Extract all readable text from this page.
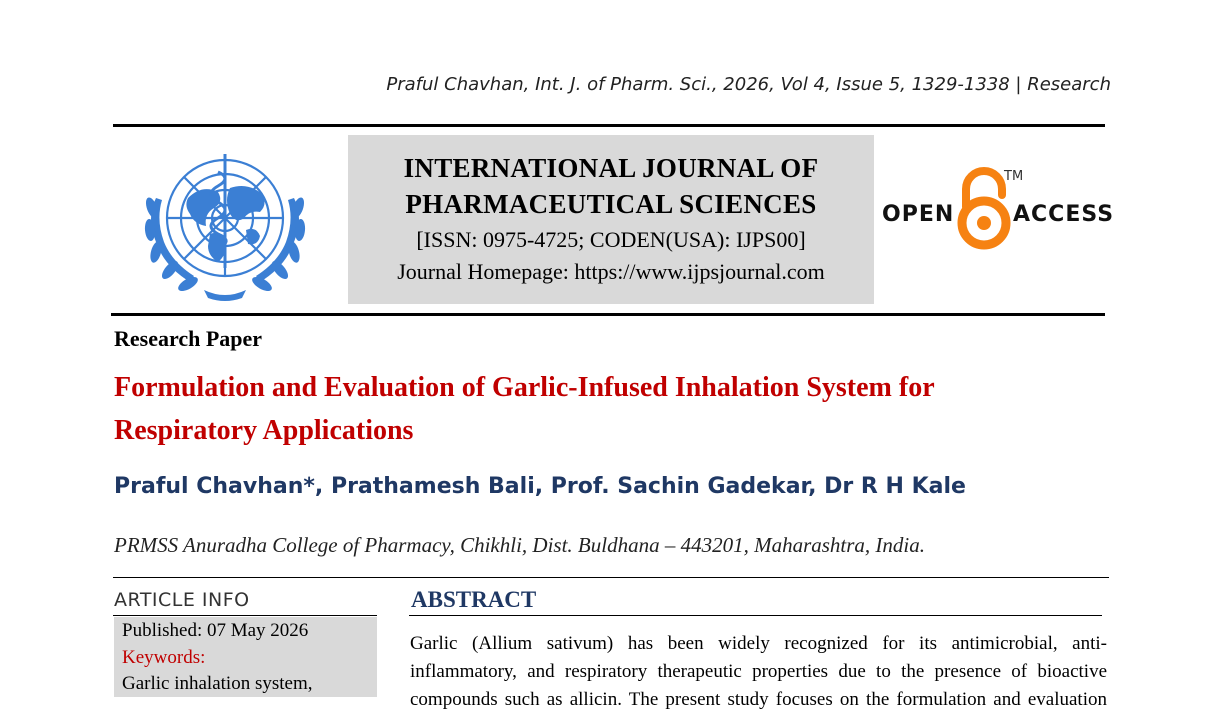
Praful Chavhan, Int. J. of Pharm. Sci., 2026, Vol 4, Issue 5, 1329-1338 | Research
INTERNATIONAL JOURNAL OF
PHARMACEUTICAL SCIENCES
[ISSN: 0975-4725; CODEN(USA): IJPS00]
Journal Homepage: https://www.ijpsjournal.com
OPEN
TM
ACCESS
Research Paper
Formulation and Evaluation of Garlic-Infused Inhalation System for
Respiratory Applications
Praful Chavhan*, Prathamesh Bali, Prof. Sachin Gadekar, Dr R H Kale
PRMSS Anuradha College of Pharmacy, Chikhli, Dist. Buldhana – 443201, Maharashtra, India.
ARTICLE INFO
Published: 07 May 2026
Keywords:
Garlic inhalation system,
ABSTRACT
Garlic (Allium sativum) has been widely recognized for its antimicrobial, anti-
inflammatory, and respiratory therapeutic properties due to the presence of bioactive
compounds such as allicin. The present study focuses on the formulation and evaluation
